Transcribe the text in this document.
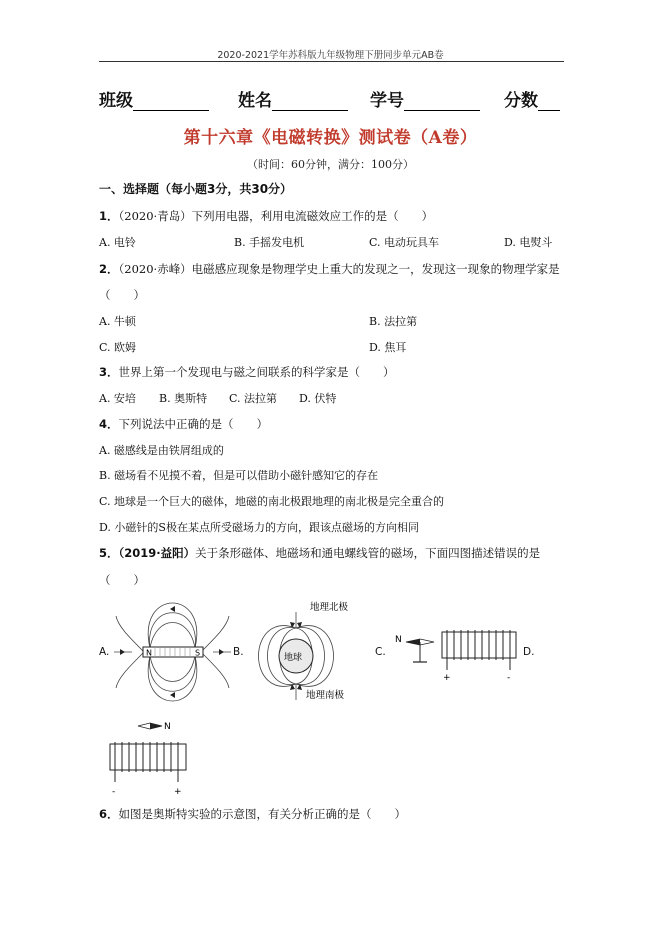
2020-2021学年苏科版九年级物理下册同步单元AB卷
班级	姓名	学号	分数
第十六章《电磁转换》测试卷（A卷）
（时间：60分钟，满分：100分）
一、选择题（每小题3分，共30分）
1．（2020·青岛）下列用电器，利用电流磁效应工作的是（　　）
A. 电铃	B. 手摇发电机	C. 电动玩具车	D. 电熨斗
2．（2020·赤峰）电磁感应现象是物理学史上重大的发现之一，发现这一现象的物理学家是
（　　）
A. 牛顿	B. 法拉第
C. 欧姆	D. 焦耳
3．世界上第一个发现电与磁之间联系的科学家是（　　）
A. 安培 B. 奥斯特 C. 法拉第 D. 伏特
4．下列说法中正确的是（　　）
A. 磁感线是由铁屑组成的
B. 磁场看不见摸不着，但是可以借助小磁针感知它的存在
C. 地球是一个巨大的磁体，地磁的南北极跟地理的南北极是完全重合的
D. 小磁针的S极在某点所受磁场力的方向，跟该点磁场的方向相同
5．（2019·益阳）关于条形磁体、地磁场和通电螺线管的磁场，下面四图描述错误的是
（　　）
A.	B.	C.	D.
N	S	地球
地理北极
地理南极
N
+	-
N
-	+
6．如图是奥斯特实验的示意图，有关分析正确的是（　　）
